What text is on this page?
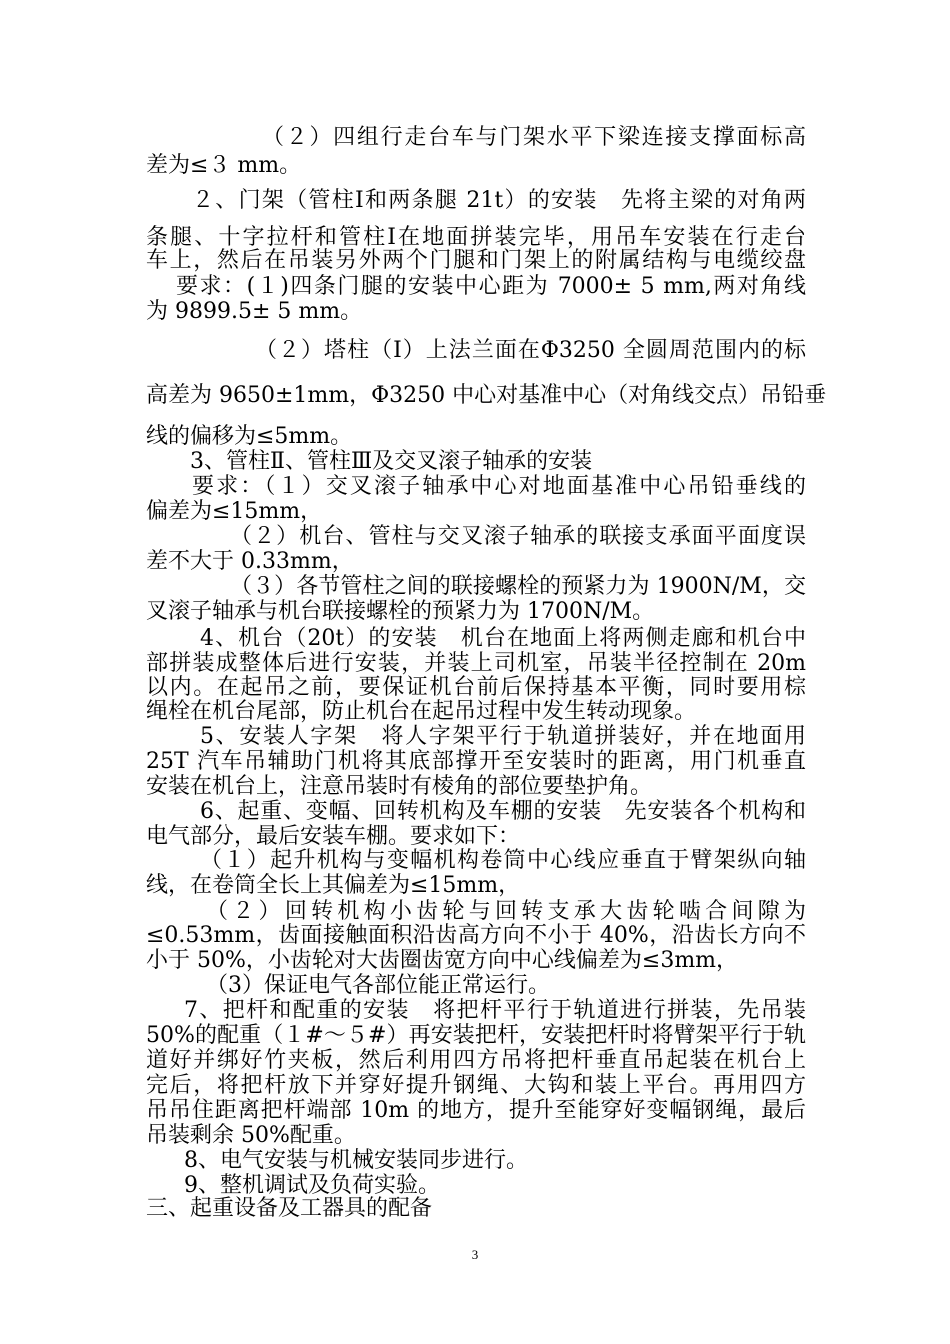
（２）四组行走台车与门架水平下梁连接支撑面标高
差为≤３ mm。
２、门架（管柱Ⅰ和两条腿 21t）的安装　先将主梁的对角两
条腿、十字拉杆和管柱Ⅰ在地面拼装完毕，用吊车安装在行走台
车上，然后在吊装另外两个门腿和门架上的附属结构与电缆绞盘
要求：(１)四条门腿的安装中心距为 7000± 5 mm,两对角线
为 9899.5± 5 mm。
（２）塔柱（Ⅰ）上法兰面在Φ3250 全圆周范围内的标
高差为 9650±1mm，Φ3250 中心对基准中心（对角线交点）吊铅垂
线的偏移为≤5mm。
3、管柱Ⅱ、管柱Ⅲ及交叉滚子轴承的安装
要求：（１）交叉滚子轴承中心对地面基准中心吊铅垂线的
偏差为≤15mm，
（２）机台、管柱与交叉滚子轴承的联接支承面平面度误
差不大于 0.33mm，
（３）各节管柱之间的联接螺栓的预紧力为 1900N/M，交
叉滚子轴承与机台联接螺栓的预紧力为 1700N/M。
4、机台（20t）的安装　机台在地面上将两侧走廊和机台中
部拼装成整体后进行安装，并装上司机室，吊装半径控制在 20m
以内。在起吊之前，要保证机台前后保持基本平衡，同时要用棕
绳栓在机台尾部，防止机台在起吊过程中发生转动现象。
5、安装人字架　将人字架平行于轨道拼装好，并在地面用
25T 汽车吊辅助门机将其底部撑开至安装时的距离，用门机垂直
安装在机台上，注意吊装时有棱角的部位要垫护角。
6、起重、变幅、回转机构及车棚的安装　先安装各个机构和
电气部分，最后安装车棚。要求如下：
（１）起升机构与变幅机构卷筒中心线应垂直于臂架纵向轴
线，在卷筒全长上其偏差为≤15mm，
（２）回转机构小齿轮与回转支承大齿轮啮合间隙为
≤0.53mm，齿面接触面积沿齿高方向不小于 40%，沿齿长方向不
小于 50%，小齿轮对大齿圈齿宽方向中心线偏差为≤3mm，
（3）保证电气各部位能正常运行。
7、把杆和配重的安装　将把杆平行于轨道进行拼装，先吊装
50%的配重（１#～５#）再安装把杆，安装把杆时将臂架平行于轨
道好并绑好竹夹板，然后利用四方吊将把杆垂直吊起装在机台上
完后，将把杆放下并穿好提升钢绳、大钩和装上平台。再用四方
吊吊住距离把杆端部 10m 的地方，提升至能穿好变幅钢绳，最后
吊装剩余 50%配重。
8、电气安装与机械安装同步进行。
9、整机调试及负荷实验。
三、起重设备及工器具的配备
3
